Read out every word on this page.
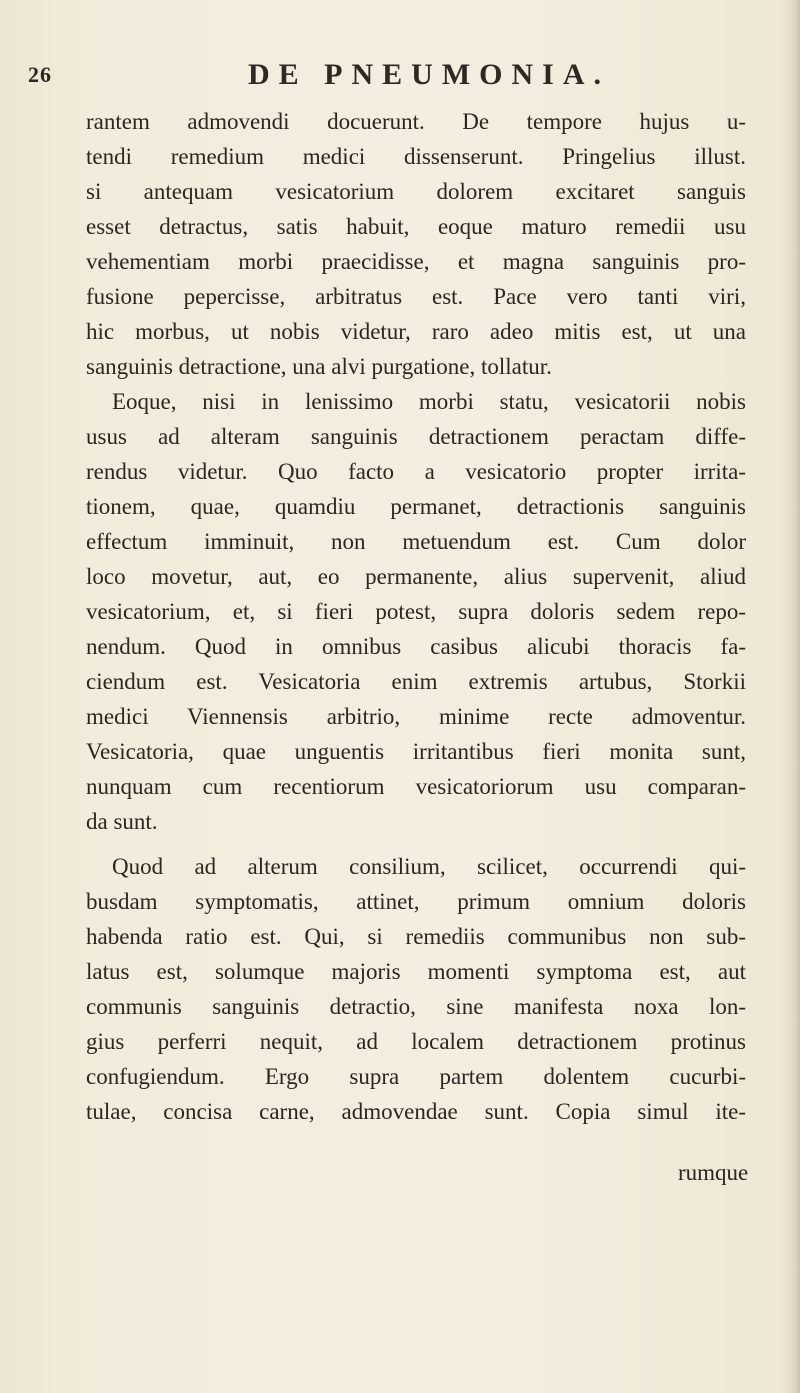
26	DE PNEUMONIA.
rantem admovendi docuerunt. De tempore hujus u-
tendi remedium medici dissenserunt. Pringelius illust.
si antequam vesicatorium dolorem excitaret sanguis
esset detractus, satis habuit, eoque maturo remedii usu
vehementiam morbi praecidisse, et magna sanguinis pro-
fusione pepercisse, arbitratus est. Pace vero tanti viri,
hic morbus, ut nobis videtur, raro adeo mitis est, ut una
sanguinis detractione, una alvi purgatione, tollatur.
Eoque, nisi in lenissimo morbi statu, vesicatorii nobis
usus ad alteram sanguinis detractionem peractam diffe-
rendus videtur. Quo facto a vesicatorio propter irrita-
tionem, quae, quamdiu permanet, detractionis sanguinis
effectum imminuit, non metuendum est. Cum dolor
loco movetur, aut, eo permanente, alius supervenit, aliud
vesicatorium, et, si fieri potest, supra doloris sedem repo-
nendum. Quod in omnibus casibus alicubi thoracis fa-
ciendum est. Vesicatoria enim extremis artubus, Storkii
medici Viennensis arbitrio, minime recte admoventur.
Vesicatoria, quae unguentis irritantibus fieri monita sunt,
nunquam cum recentiorum vesicatoriorum usu comparan-
da sunt.
Quod ad alterum consilium, scilicet, occurrendi qui-
busdam symptomatis, attinet, primum omnium doloris
habenda ratio est. Qui, si remediis communibus non sub-
latus est, solumque majoris momenti symptoma est, aut
communis sanguinis detractio, sine manifesta noxa lon-
gius perferri nequit, ad localem detractionem protinus
confugiendum. Ergo supra partem dolentem cucurbi-
tulae, concisa carne, admovendae sunt. Copia simul ite-
rumque
